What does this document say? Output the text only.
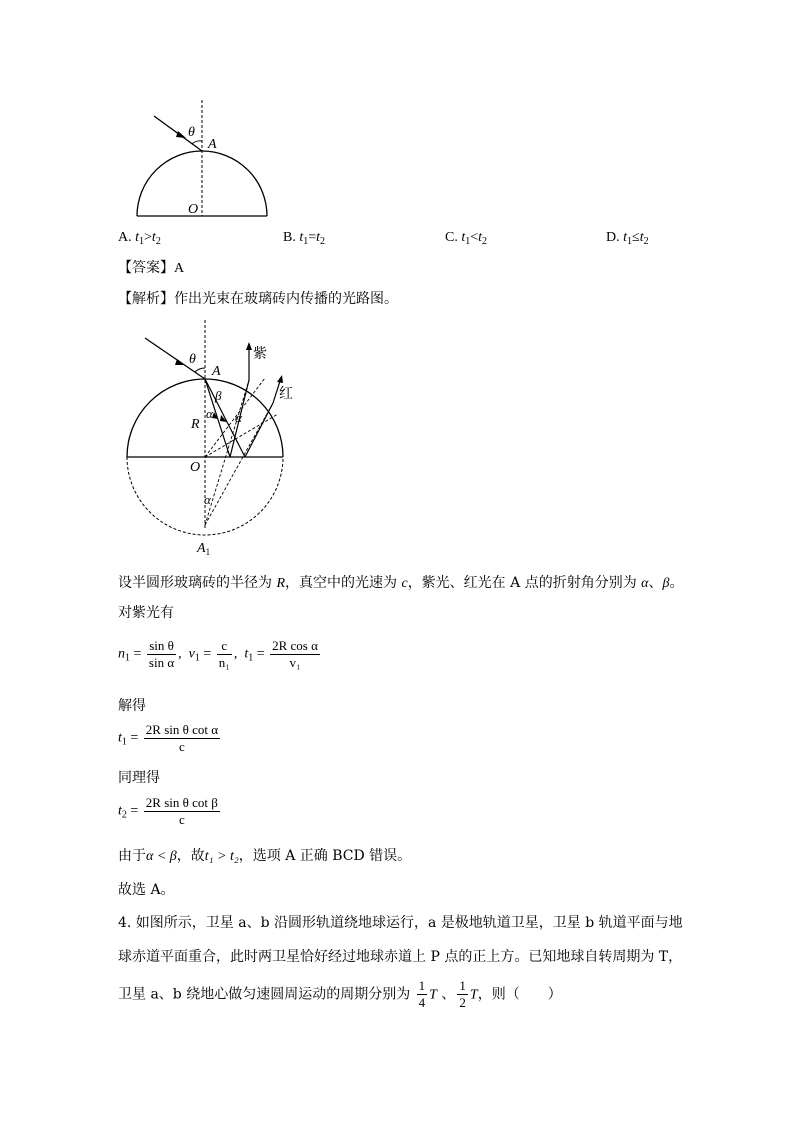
θ
A
O
A. $t_1>t_2$	B. $t_1=t_2$	C. $t_1<t_2$	D. $t_1\le t_2$
【答案】A
【解析】作出光束在玻璃砖内传播的光路图。
θ
A
β
α α
R
O
α
$A_1$
紫
红
设半圆形玻璃砖的半径为 R，真空中的光速为 c，紫光、红光在 A 点的折射角分别为 α、β。
对紫光有
$n_1 = \frac{\text{sin θ}}{\text{sin α}}$ ,  $v_1 = \frac{c}{\text{n₁}}$ ,  $t_1 = \frac{\text{2R cos α}}{\text{v₁}}$
解得
$t_1 = \frac{\text{2R sin θ cot α}}{c}$
同理得
$t_2 = \frac{\text{2R sin θ cot β}}{c}$
由于α < β，故t₁ > t₂，选项 A 正确 BCD 错误。
故选 A。
4. 如图所示，卫星 a、b 沿圆形轨道绕地球运行，a 是极地轨道卫星，卫星 b 轨道平面与地
球赤道平面重合，此时两卫星恰好经过地球赤道上 P 点的正上方。已知地球自转周期为 T，
卫星 a、b 绕地心做匀速圆周运动的周期分别为 $\frac{1}{4}$ T 、 $\frac{1}{2}$ T，则（　　）
